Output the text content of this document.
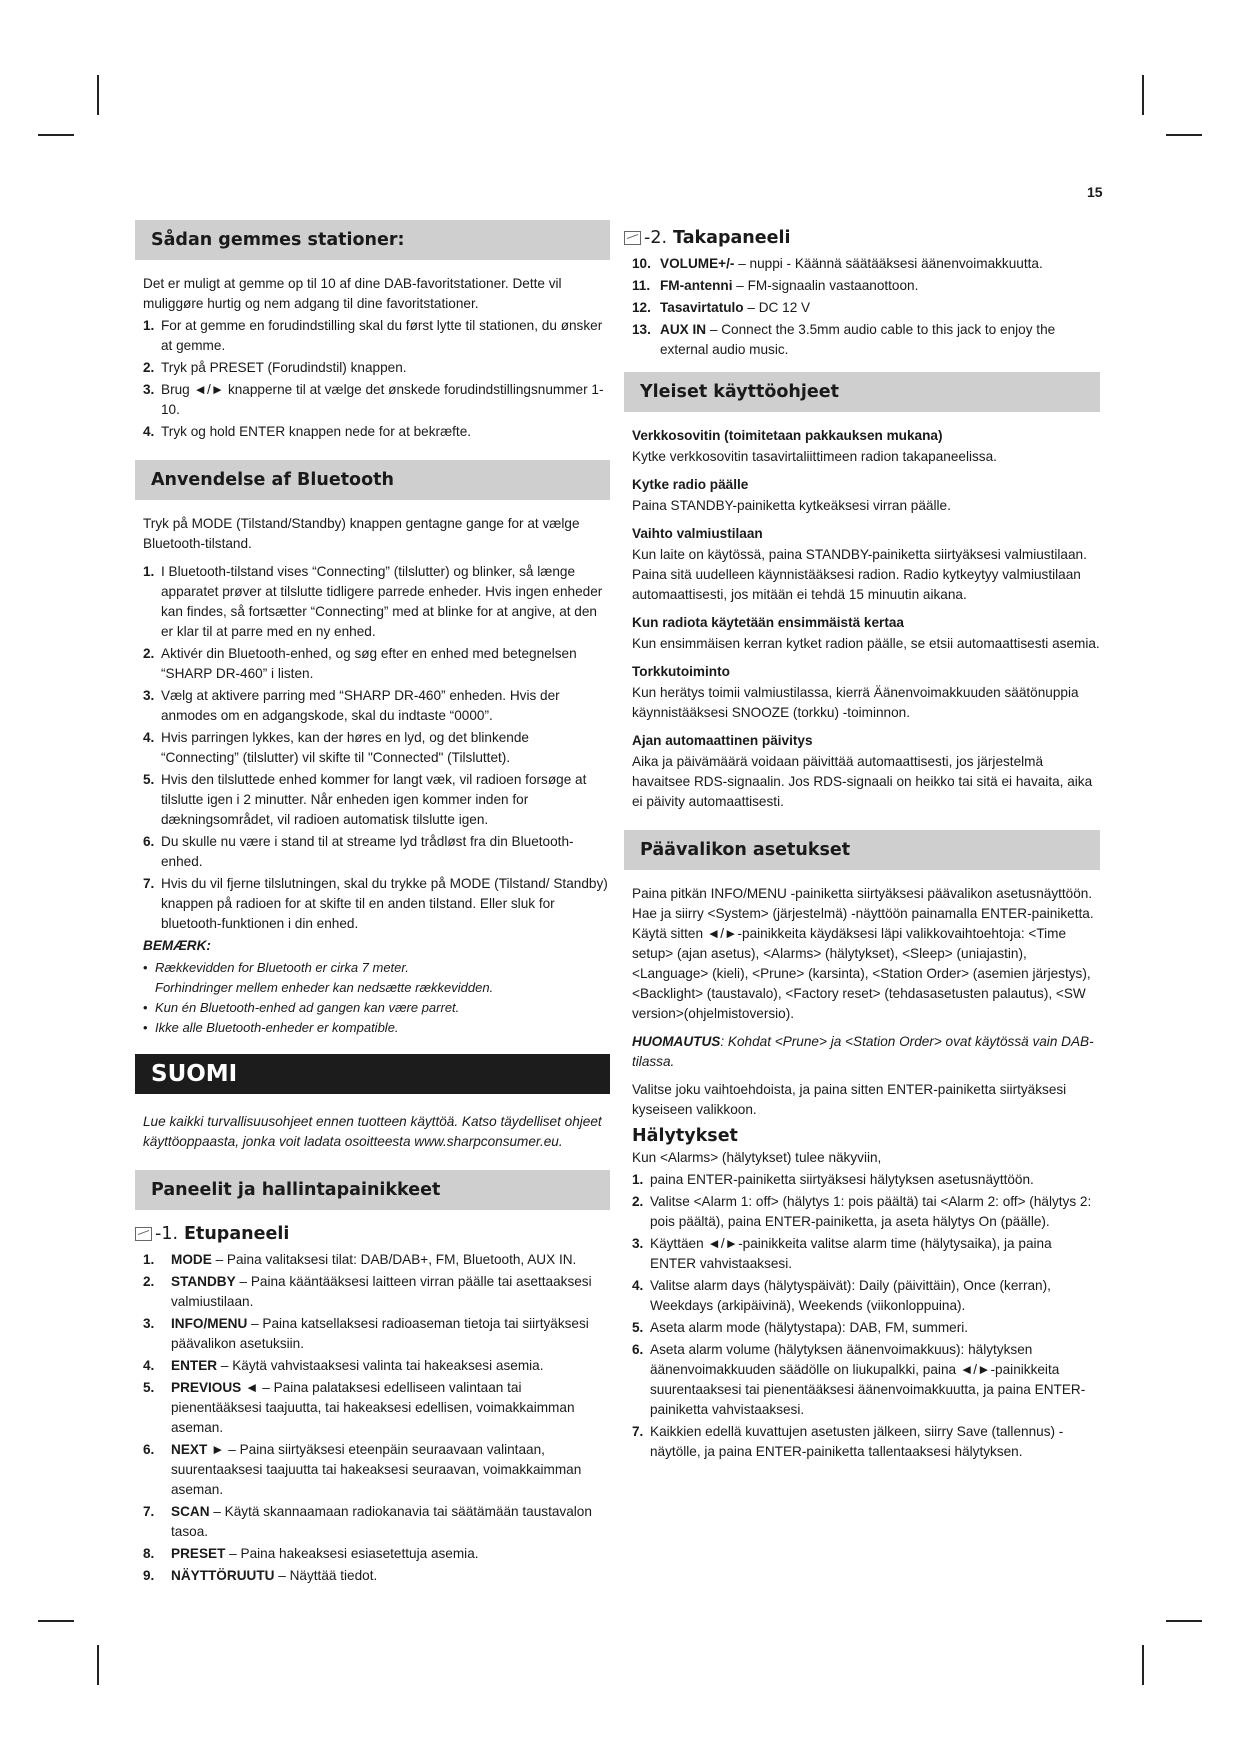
15
Sådan gemmes stationer:

Det er muligt at gemme op til 10 af dine DAB-favoritstationer. Dette vil muliggøre hurtig og nem adgang til dine favoritstationer.

1. For at gemme en forudindstilling skal du først lytte til stationen, du ønsker at gemme.
2. Tryk på PRESET (Forudindstil) knappen.
3. Brug ◄/► knapperne til at vælge det ønskede forudindstillingsnummer 1-10.
4. Tryk og hold ENTER knappen nede for at bekræfte.
Anvendelse af Bluetooth

Tryk på MODE (Tilstand/Standby) knappen gentagne gange for at vælge Bluetooth-tilstand.

1. I Bluetooth-tilstand vises “Connecting” (tilslutter) og blinker, så længe apparatet prøver at tilslutte tidligere parrede enheder. Hvis ingen enheder kan findes, så fortsætter “Connecting” med at blinke for at angive, at den er klar til at parre med en ny enhed.
2. Aktivér din Bluetooth-enhed, og søg efter en enhed med betegnelsen “SHARP DR-460” i listen.
3. Vælg at aktivere parring med “SHARP DR-460” enheden. Hvis der anmodes om en adgangskode, skal du indtaste “0000”.
4. Hvis parringen lykkes, kan der høres en lyd, og det blinkende “Connecting” (tilslutter) vil skifte til "Connected" (Tilsluttet).
5. Hvis den tilsluttede enhed kommer for langt væk, vil radioen forsøge at tilslutte igen i 2 minutter. Når enheden igen kommer inden for dækningsområdet, vil radioen automatisk tilslutte igen.
6. Du skulle nu være i stand til at streame lyd trådløst fra din Bluetooth-enhed.
7. Hvis du vil fjerne tilslutningen, skal du trykke på MODE (Tilstand/ Standby) knappen på radioen for at skifte til en anden tilstand. Eller sluk for bluetooth-funktionen i din enhed.

BEMÆRK:

• Rækkevidden for Bluetooth er cirka 7 meter.
Forhindringer mellem enheder kan nedsætte rækkevidden.
• Kun én Bluetooth-enhed ad gangen kan være parret.
• Ikke alle Bluetooth-enheder er kompatible.
SUOMI

Lue kaikki turvallisuusohjeet ennen tuotteen käyttöä. Katso täydelliset ohjeet käyttöoppaasta, jonka voit ladata osoitteesta www.sharpconsumer.eu.

Paneelit ja hallintapainikkeet
-1. Etupaneeli
1.	MODE – Paina valitaksesi tilat: DAB/DAB+, FM, Bluetooth, AUX IN.
2.	STANDBY – Paina kääntääksesi laitteen virran päälle tai asettaaksesi valmiustilaan.
3.	INFO/MENU – Paina katsellaksesi radioaseman tietoja tai siirtyäksesi päävalikon asetuksiin.
4.	ENTER – Käytä vahvistaaksesi valinta tai hakeaksesi asemia.
5.	PREVIOUS ◄ – Paina palataksesi edelliseen valintaan tai pienentääksesi taajuutta, tai hakeaksesi edellisen, voimakkaimman aseman.
6.	NEXT ► – Paina siirtyäksesi eteenpäin seuraavaan valintaan, suurentaaksesi taajuutta tai hakeaksesi seuraavan, voimakkaimman aseman.
7.	SCAN – Käytä skannaamaan radiokanavia tai säätämään taustavalon tasoa.
8.	PRESET – Paina hakeaksesi esiasetettuja asemia.
9.	NÄYTTÖRUUTU – Näyttää tiedot.
-2. Takapaneeli
10. VOLUME+/- – nuppi - Käännä säätääksesi äänenvoimakkuutta.
11. FM-antenni – FM-signaalin vastaanottoon.
12. Tasavirtatulo – DC 12 V
13. AUX IN – Connect the 3.5mm audio cable to this jack to enjoy the external audio music.
Yleiset käyttöohjeet
Verkkosovitin (toimitetaan pakkauksen mukana)

Kytke verkkosovitin tasavirtaliittimeen radion takapaneelissa.

Kytke radio päälle

Paina STANDBY-painiketta kytkeäksesi virran päälle.

Vaihto valmiustilaan

Kun laite on käytössä, paina STANDBY-painiketta siirtyäksesi valmiustilaan. Paina sitä uudelleen käynnistääksesi radion. Radio kytkeytyy valmiustilaan automaattisesti, jos mitään ei tehdä 15 minuutin aikana.

Kun radiota käytetään ensimmäistä kertaa

Kun ensimmäisen kerran kytket radion päälle, se etsii automaattisesti asemia.

Torkkutoiminto

Kun herätys toimii valmiustilassa, kierrä Äänenvoimakkuuden säätönuppia käynnistääksesi SNOOZE (torkku) -toiminnon.

Ajan automaattinen päivitys

Aika ja päivämäärä voidaan päivittää automaattisesti, jos järjestelmä havaitsee RDS-signaalin. Jos RDS-signaali on heikko tai sitä ei havaita, aika ei päivity automaattisesti.

Päävalikon asetukset

Paina pitkän INFO/MENU -painiketta siirtyäksesi päävalikon asetusnäyttöön. Hae ja siirry <System> (järjestelmä) -näyttöön painamalla ENTER-painiketta. Käytä sitten ◄/►-painikkeita käydäksesi läpi valikkovaihtoehtoja: <Time setup> (ajan asetus), <Alarms> (hälytykset), <Sleep> (uniajastin), <Language> (kieli), <Prune> (karsinta), <Station Order> (asemien järjestys), <Backlight> (taustavalo), <Factory reset> (tehdasasetusten palautus), <SW version>(ohjelmistoversio).

HUOMAUTUS: Kohdat <Prune> ja <Station Order> ovat käytössä vain DAB-tilassa.

Valitse joku vaihtoehdoista, ja paina sitten ENTER-painiketta siirtyäksesi kyseiseen valikkoon.

Hälytykset

Kun <Alarms> (hälytykset) tulee näkyviin,

1. paina ENTER-painiketta siirtyäksesi hälytyksen asetusnäyttöön.
2. Valitse <Alarm 1: off> (hälytys 1: pois päältä) tai <Alarm 2: off> (hälytys 2: pois päältä), paina ENTER-painiketta, ja aseta hälytys On (päälle).
3. Käyttäen ◄/►-painikkeita valitse alarm time (hälytysaika), ja paina ENTER vahvistaaksesi.
4. Valitse alarm days (hälytyspäivät): Daily (päivittäin), Once (kerran), Weekdays (arkipäivinä), Weekends (viikonloppuina).
5. Aseta alarm mode (hälytystapa): DAB, FM, summeri.
6. Aseta alarm volume (hälytyksen äänenvoimakkuus): hälytyksen äänenvoimakkuuden säädölle on liukupalkki, paina ◄/►-painikkeita suurentaaksesi tai pienentääksesi äänenvoimakkuutta, ja paina ENTER-painiketta vahvistaaksesi.
7. Kaikkien edellä kuvattujen asetusten jälkeen, siirry Save (tallennus) -näytölle, ja paina ENTER-painiketta tallentaaksesi hälytyksen.
